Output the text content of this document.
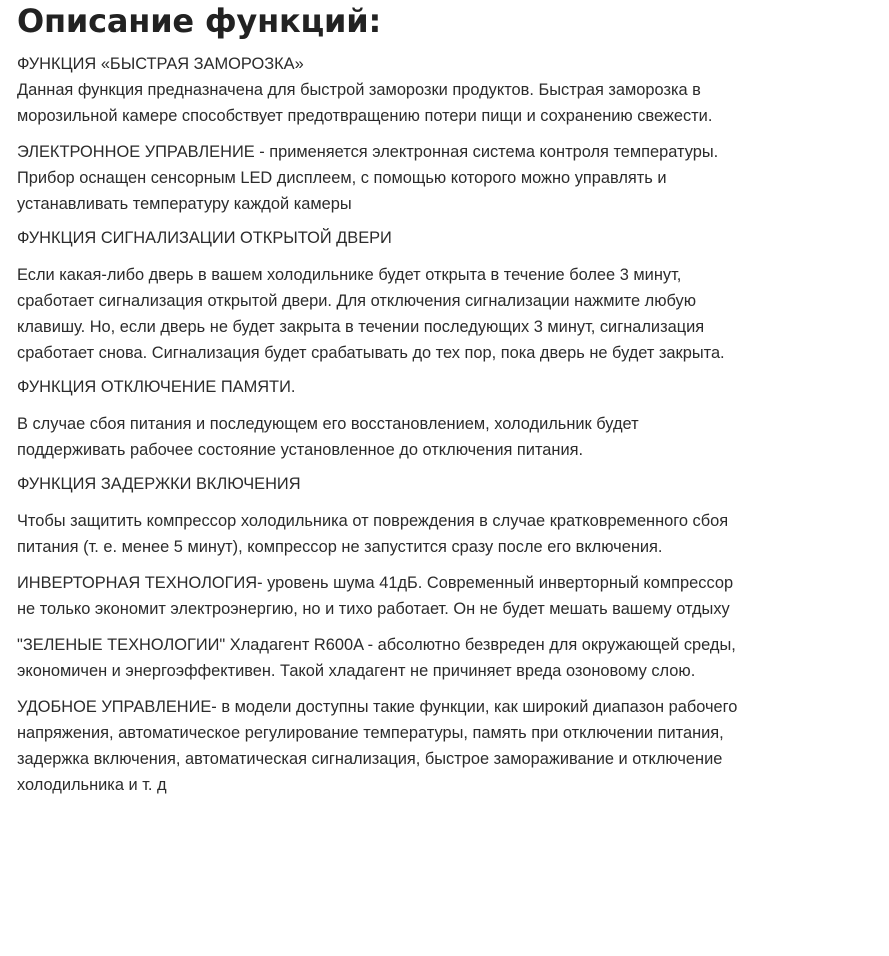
Описание функций:

ФУНКЦИЯ «БЫСТРАЯ ЗАМОРОЗКА»
Данная функция предназначена для быстрой заморозки продуктов. Быстрая заморозка в
морозильной камере способствует предотвращению потери пищи и сохранению свежести.

ЭЛЕКТРОННОЕ УПРАВЛЕНИЕ - применяется электронная система контроля температуры.
Прибор оснащен сенсорным LED дисплеем, с помощью которого можно управлять и
устанавливать температуру каждой камеры

ФУНКЦИЯ СИГНАЛИЗАЦИИ ОТКРЫТОЙ ДВЕРИ

Если какая-либо дверь в вашем холодильнике будет открыта в течение более 3 минут,
сработает сигнализация открытой двери. Для отключения сигнализации нажмите любую
клавишу. Но, если дверь не будет закрыта в течении последующих 3 минут, сигнализация
сработает снова. Сигнализация будет срабатывать до тех пор, пока дверь не будет закрыта.

ФУНКЦИЯ ОТКЛЮЧЕНИЕ ПАМЯТИ.

В случае сбоя питания и последующем его восстановлением, холодильник будет
поддерживать рабочее состояние установленное до отключения питания.

ФУНКЦИЯ ЗАДЕРЖКИ ВКЛЮЧЕНИЯ

Чтобы защитить компрессор холодильника от повреждения в случае кратковременного сбоя
питания (т. е. менее 5 минут), компрессор не запустится сразу после его включения.

ИНВЕРТОРНАЯ ТЕХНОЛОГИЯ- уровень шума 41дБ. Современный инверторный компрессор
не только экономит электроэнергию, но и тихо работает. Он не будет мешать вашему отдыху

"ЗЕЛЕНЫЕ ТЕХНОЛОГИИ" Хладагент R600A - абсолютно безвреден для окружающей среды,
экономичен и энергоэффективен. Такой хладагент не причиняет вреда озоновому слою.

УДОБНОЕ УПРАВЛЕНИЕ- в модели доступны такие функции, как широкий диапазон рабочего
напряжения, автоматическое регулирование температуры, память при отключении питания,
задержка включения, автоматическая сигнализация, быстрое замораживание и отключение
холодильника и т. д
